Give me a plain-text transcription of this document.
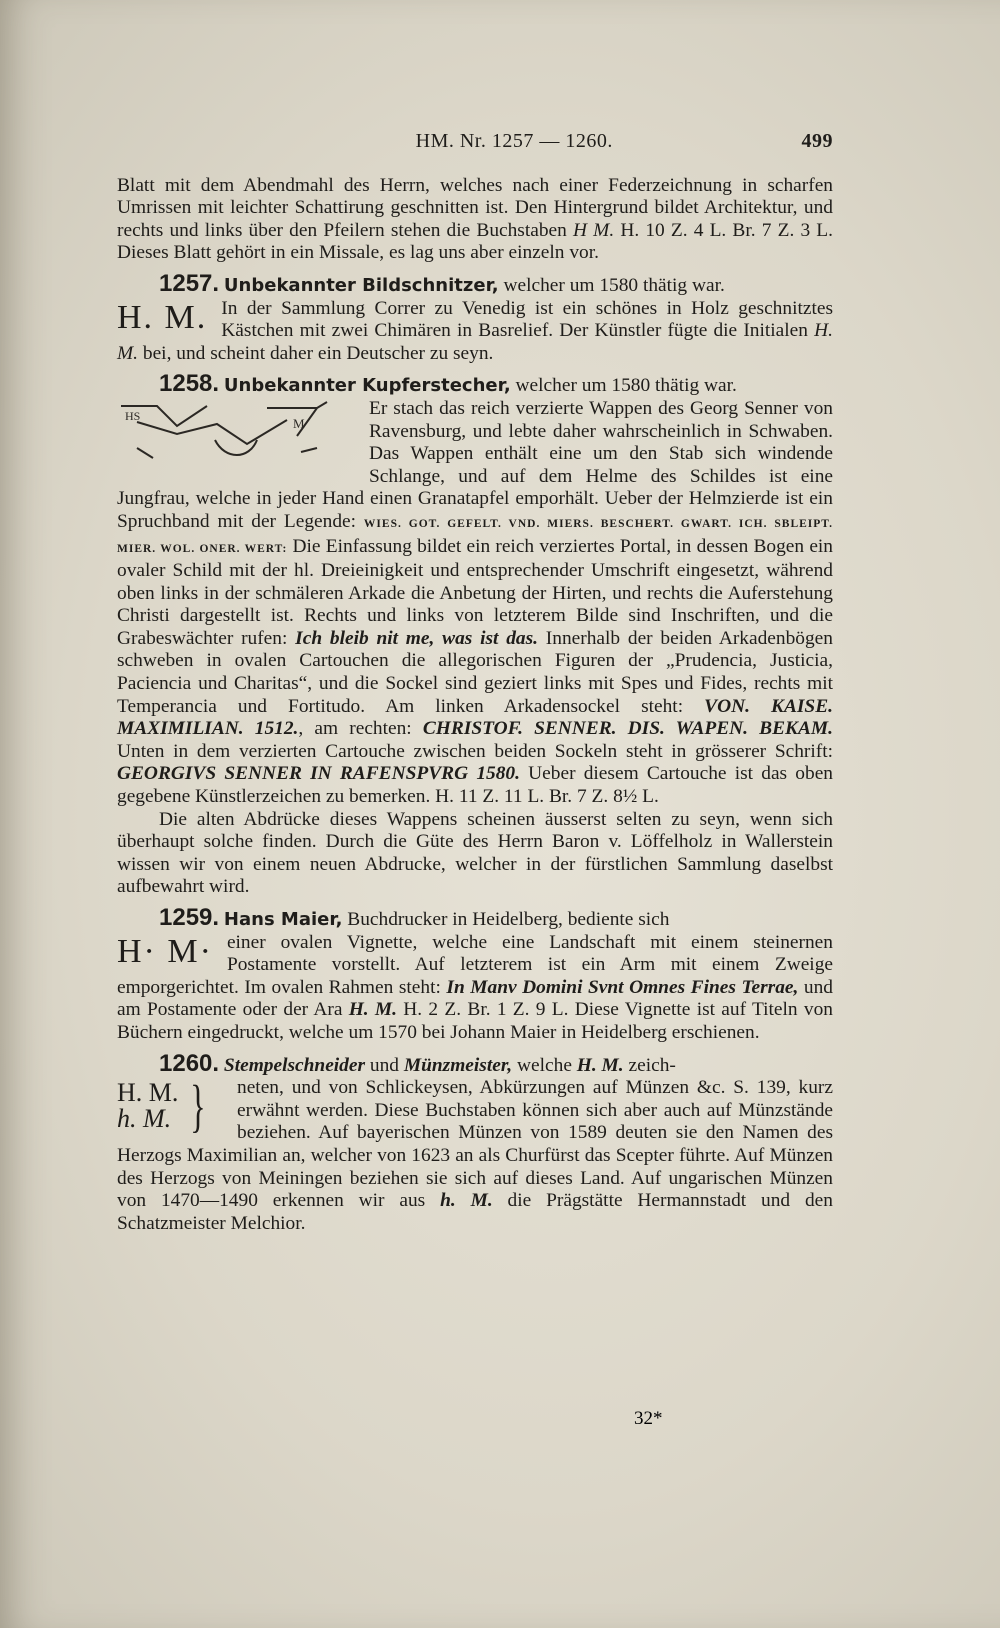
HM. Nr. 1257 — 1260.	499

Blatt mit dem Abendmahl des Herrn, welches nach einer Federzeichnung in scharfen Umrissen mit leichter Schattirung geschnitten ist. Den Hintergrund bildet Architektur, und rechts und links über den Pfeilern stehen die Buchstaben H M. H. 10 Z. 4 L. Br. 7 Z. 3 L. Dieses Blatt gehört in ein Missale, es lag uns aber einzeln vor.

1257. Unbekannter Bildschnitzer, welcher um 1580 thätig war.

H. M. In der Sammlung Correr zu Venedig ist ein schönes in Holz geschnitztes Kästchen mit zwei Chimären in Basrelief. Der Künstler fügte die Initialen H. M. bei, und scheint daher ein Deutscher zu seyn.

1258. Unbekannter Kupferstecher, welcher um 1580 thätig war.

HS	M
Er stach das reich verzierte Wappen des Georg Senner von Ravensburg, und lebte daher wahrscheinlich in Schwaben. Das Wappen enthält eine um den Stab sich windende Schlange, und auf dem Helme des Schildes ist eine Jungfrau, welche in jeder Hand einen Granatapfel emporhält. Ueber der Helmzierde ist ein Spruchband mit der Legende: WIES. GOT. GEFELT. VND. MIERS. BESCHERT. GWART. ICH. SBLEIPT. MIER. WOL. ONER. WERT: Die Einfassung bildet ein reich verziertes Portal, in dessen Bogen ein ovaler Schild mit der hl. Dreieinigkeit und entsprechender Umschrift eingesetzt, während oben links in der schmäleren Arkade die Anbetung der Hirten, und rechts die Auferstehung Christi dargestellt ist. Rechts und links von letzterem Bilde sind Inschriften, und die Grabeswächter rufen: Ich bleib nit me, was ist das. Innerhalb der beiden Arkadenbögen schweben in ovalen Cartouchen die allegorischen Figuren der „Prudencia, Justicia, Paciencia und Charitas“, und die Sockel sind geziert links mit Spes und Fides, rechts mit Temperancia und Fortitudo. Am linken Arkadensockel steht: VON. KAISE. MAXIMILIAN. 1512., am rechten: CHRISTOF. SENNER. DIS. WAPEN. BEKAM. Unten in dem verzierten Cartouche zwischen beiden Sockeln steht in grösserer Schrift: GEORGIVS SENNER IN RAFENSPVRG 1580. Ueber diesem Cartouche ist das oben gegebene Künstlerzeichen zu bemerken. H. 11 Z. 11 L. Br. 7 Z. 8½ L.

Die alten Abdrücke dieses Wappens scheinen äusserst selten zu seyn, wenn sich überhaupt solche finden. Durch die Güte des Herrn Baron v. Löffelholz in Wallerstein wissen wir von einem neuen Abdrucke, welcher in der fürstlichen Sammlung daselbst aufbewahrt wird.

1259. Hans Maier, Buchdrucker in Heidelberg, bediente sich

H· M· einer ovalen Vignette, welche eine Landschaft mit einem steinernen Postamente vorstellt. Auf letzterem ist ein Arm mit einem Zweige emporgerichtet. Im ovalen Rahmen steht: In Manv Domini Svnt Omnes Fines Terrae, und am Postamente oder der Ara H. M. H. 2 Z. Br. 1 Z. 9 L. Diese Vignette ist auf Titeln von Büchern eingedruckt, welche um 1570 bei Johann Maier in Heidelberg erschienen.

1260. Stempelschneider und Münzmeister, welche H. M. zeich-

H. M.
h. M. } neten, und von Schlickeysen, Abkürzungen auf Münzen &c. S. 139, kurz erwähnt werden. Diese Buchstaben können sich aber auch auf Münzstände beziehen. Auf bayerischen Münzen von 1589 deuten sie den Namen des Herzogs Maximilian an, welcher von 1623 an als Churfürst das Scepter führte. Auf Münzen des Herzogs von Meiningen beziehen sie sich auf dieses Land. Auf ungarischen Münzen von 1470—1490 erkennen wir aus h. M. die Prägstätte Hermannstadt und den Schatzmeister Melchior.

32*
